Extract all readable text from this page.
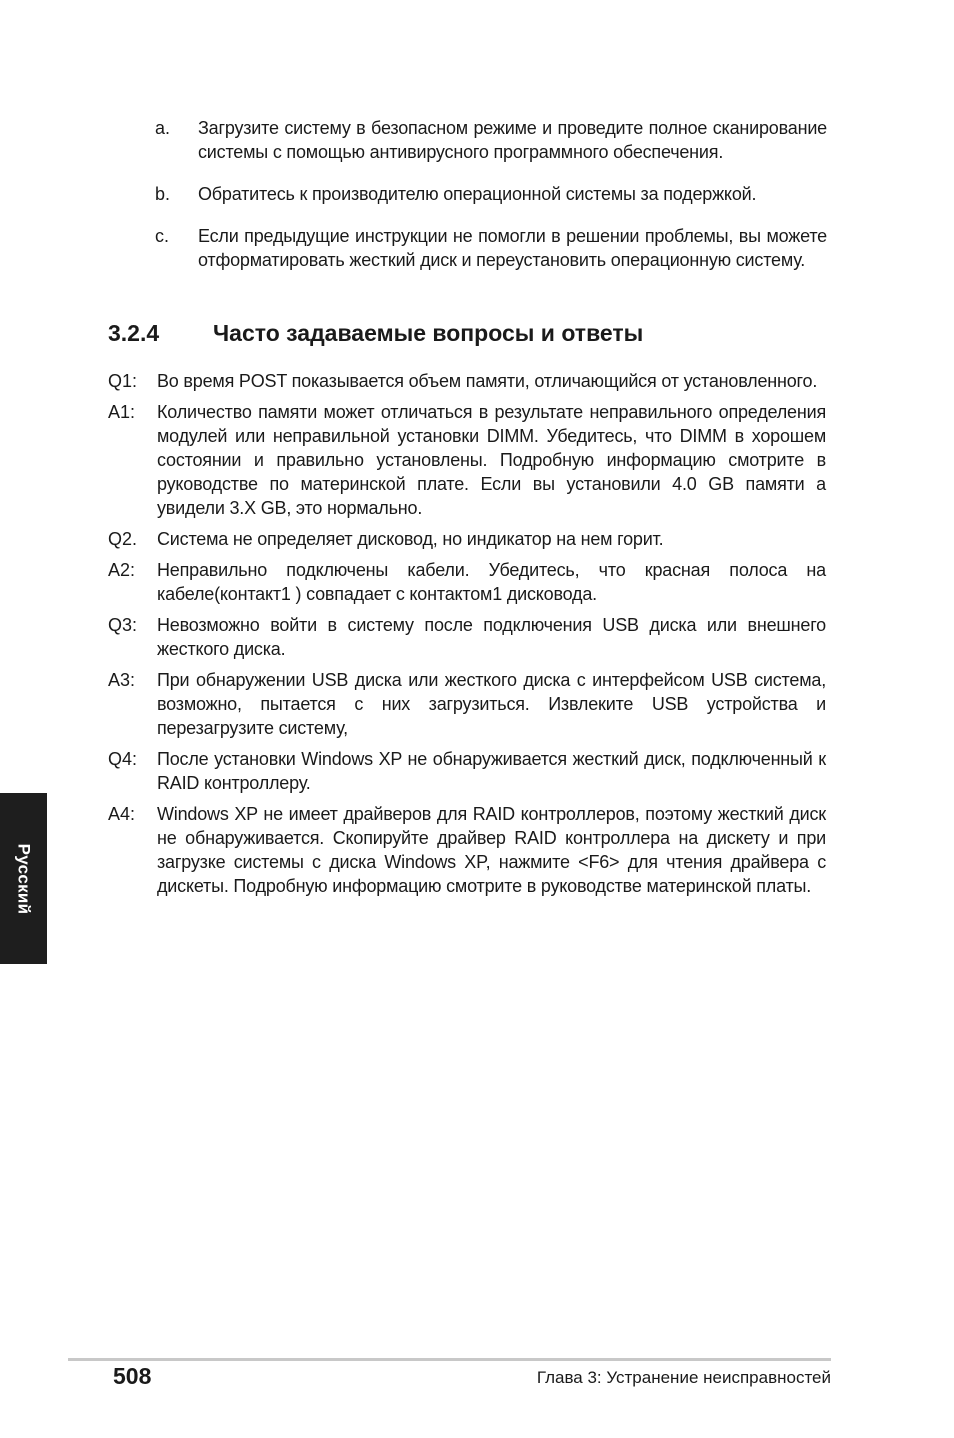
a.	Загрузите систему в безопасном режиме и проведите полное сканирование системы с помощью антивирусного программного обеспечения.
b.	Обратитесь к производителю операционной системы за подержкой.
c.	Если предыдущие инструкции не помогли в решении проблемы, вы можете отформатировать жесткий диск и переустановить операционную систему.
3.2.4	Часто задаваемые вопросы и ответы
Q1:	Во время POST показывается объем памяти, отличающийся от установленного.
A1:	Количество памяти может отличаться в результате неправильного определения модулей или неправильной установки DIMM. Убедитесь, что DIMM в хорошем состоянии и правильно установлены. Подробную информацию смотрите в руководстве по материнской плате. Если вы установили 4.0 GB памяти а увидели 3.X GB, это нормально.
Q2.	Система не определяет дисковод, но индикатор на нем горит.
A2:	Неправильно подключены кабели. Убедитесь, что красная полоса на кабеле(контакт1 ) совпадает с контактом1 дисковода.
Q3:	Невозможно войти в систему после подключения USB диска или внешнего жесткого диска.
A3:	При обнаружении USB диска или жесткого диска с интерфейсом USB система, возможно, пытается с них загрузиться. Извлеките USB устройства и перезагрузите систему,
Q4:	После установки Windows XP не обнаруживается жесткий диск, подключенный к RAID контроллеру.
A4:	Windows XP не имеет драйверов для RAID контроллеров, поэтому жесткий диск не обнаруживается. Скопируйте драйвер RAID контроллера на дискету и при загрузке системы с диска Windows XP, нажмите <F6> для чтения драйвера с дискеты. Подробную информацию смотрите в руководстве материнской платы.
Русский
508	Глава 3: Устранение неисправностей
